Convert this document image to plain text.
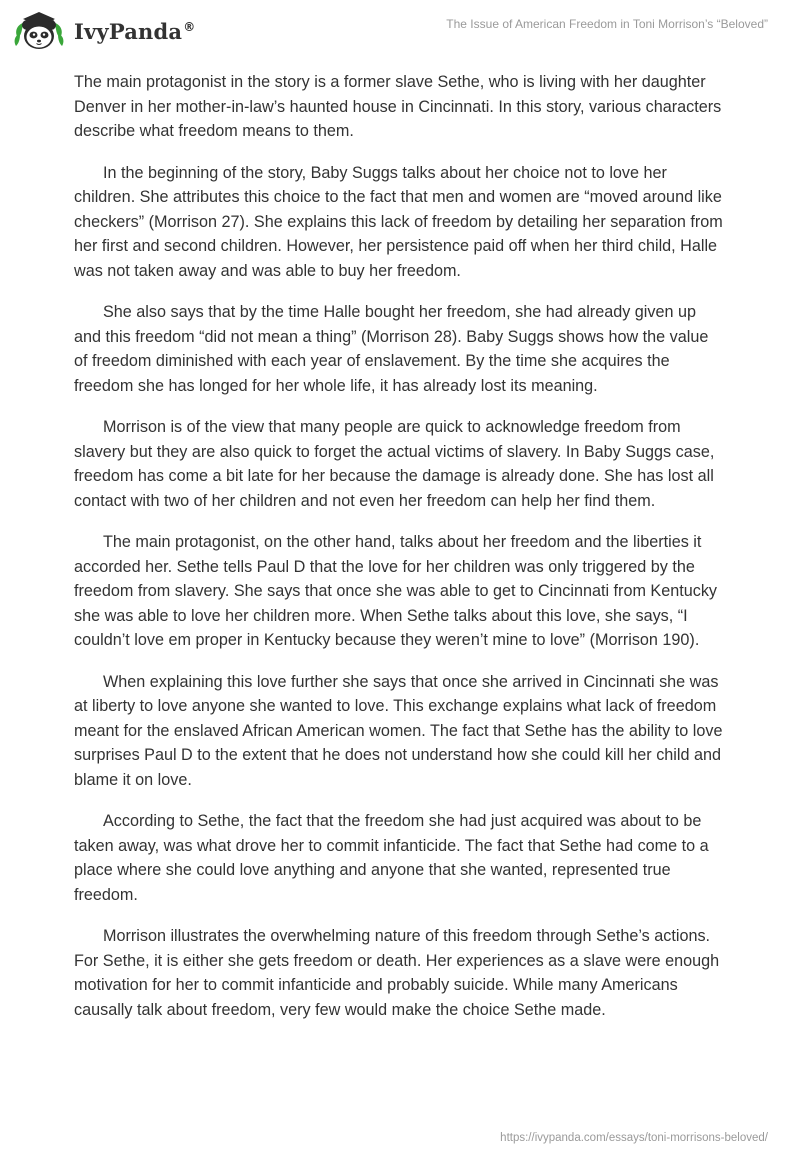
IvyPanda®	The Issue of American Freedom in Toni Morrison’s “Beloved”

The main protagonist in the story is a former slave Sethe, who is living with her daughter Denver in her mother-in-law’s haunted house in Cincinnati. In this story, various characters describe what freedom means to them.

In the beginning of the story, Baby Suggs talks about her choice not to love her children. She attributes this choice to the fact that men and women are “moved around like checkers” (Morrison 27). She explains this lack of freedom by detailing her separation from her first and second children. However, her persistence paid off when her third child, Halle was not taken away and was able to buy her freedom.

She also says that by the time Halle bought her freedom, she had already given up and this freedom “did not mean a thing” (Morrison 28). Baby Suggs shows how the value of freedom diminished with each year of enslavement. By the time she acquires the freedom she has longed for her whole life, it has already lost its meaning.

Morrison is of the view that many people are quick to acknowledge freedom from slavery but they are also quick to forget the actual victims of slavery. In Baby Suggs case, freedom has come a bit late for her because the damage is already done. She has lost all contact with two of her children and not even her freedom can help her find them.

The main protagonist, on the other hand, talks about her freedom and the liberties it accorded her. Sethe tells Paul D that the love for her children was only triggered by the freedom from slavery. She says that once she was able to get to Cincinnati from Kentucky she was able to love her children more. When Sethe talks about this love, she says, “I couldn’t love em proper in Kentucky because they weren’t mine to love” (Morrison 190).

When explaining this love further she says that once she arrived in Cincinnati she was at liberty to love anyone she wanted to love. This exchange explains what lack of freedom meant for the enslaved African American women. The fact that Sethe has the ability to love surprises Paul D to the extent that he does not understand how she could kill her child and blame it on love.

According to Sethe, the fact that the freedom she had just acquired was about to be taken away, was what drove her to commit infanticide. The fact that Sethe had come to a place where she could love anything and anyone that she wanted, represented true freedom.

Morrison illustrates the overwhelming nature of this freedom through Sethe’s actions. For Sethe, it is either she gets freedom or death. Her experiences as a slave were enough motivation for her to commit infanticide and probably suicide. While many Americans causally talk about freedom, very few would make the choice Sethe made.

https://ivypanda.com/essays/toni-morrisons-beloved/
